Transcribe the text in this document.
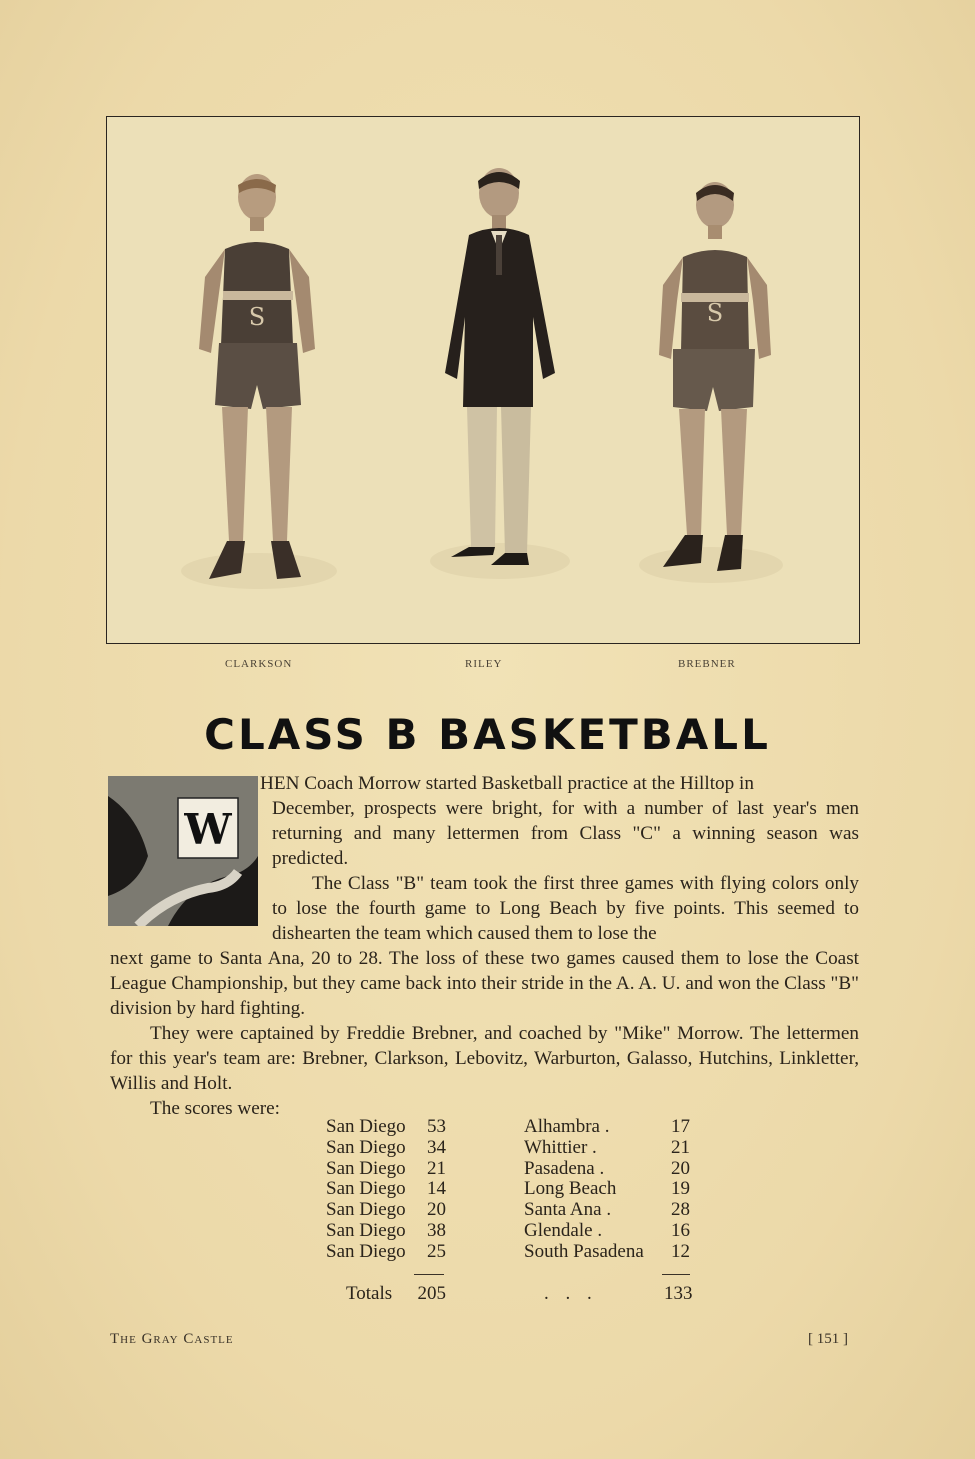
S	S
CLARKSON	RILEY	BREBNER
CLASS B BASKETBALL
W

HEN Coach Morrow started Basketball practice at the Hilltop in

December, prospects were bright, for with a number of last year's men returning and many lettermen from Class "C" a winning season was predicted.

The Class "B" team took the first three games with flying colors only to lose the fourth game to Long Beach by five points. This seemed to dishearten the team which caused them to lose the

next game to Santa Ana, 20 to 28. The loss of these two games caused them to lose the Coast League Championship, but they came back into their stride in the A. A. U. and won the Class "B" division by hard fighting.

They were captained by Freddie Brebner, and coached by "Mike" Morrow. The lettermen for this year's team are: Brebner, Clarkson, Lebovitz, Warburton, Galasso, Hutchins, Linkletter, Willis and Holt.

The scores were:

San Diego	53	Alhambra .	17
San Diego	34	Whittier .	21
San Diego	21	Pasadena .	20
San Diego	14	Long Beach	19
San Diego	20	Santa Ana .	28
San Diego	38	Glendale .	16
San Diego	25	South Pasadena	12
Totals 205	. . .	133
The Gray Castle	[ 151 ]
